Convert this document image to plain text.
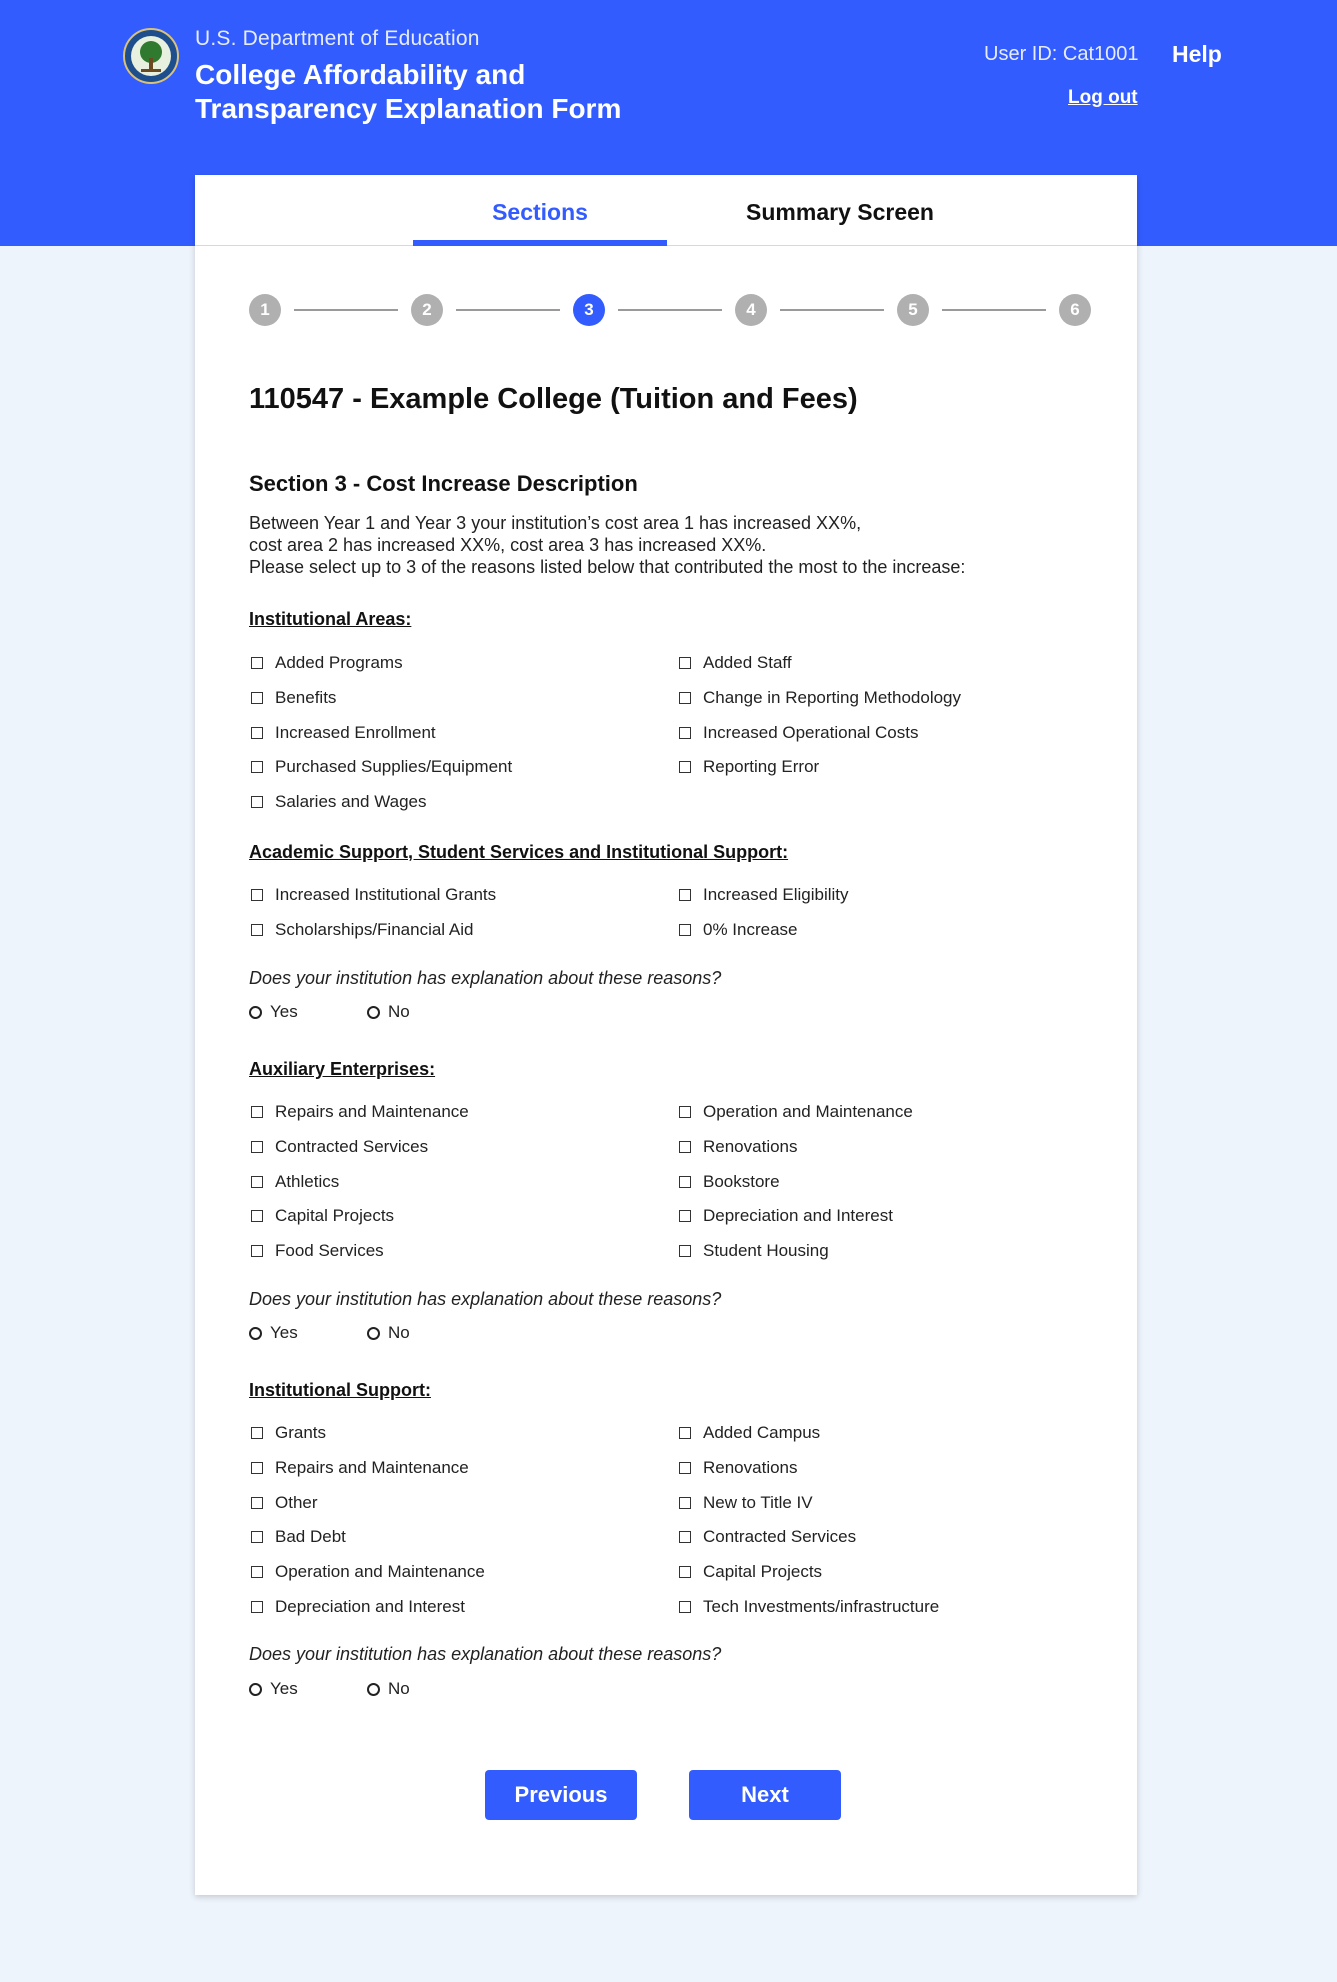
U.S. Department of Education
College Affordability and Transparency Explanation Form
User ID: Cat1001 Help
Log out
Sections	Summary Screen
1	2	3	4	5	6
110547 - Example College (Tuition and Fees)
Section 3 - Cost Increase Description
Between Year 1 and Year 3 your institution’s cost area 1 has increased XX%,
cost area 2 has increased XX%, cost area 3 has increased XX%.
Please select up to 3 of the reasons listed below that contributed the most to the increase:
Institutional Areas:
Added Programs
Benefits
Increased Enrollment
Purchased Supplies/Equipment
Salaries and Wages
Added Staff
Change in Reporting Methodology
Increased Operational Costs
Reporting Error
Academic Support, Student Services and Institutional Support:
Increased Institutional Grants
Scholarships/Financial Aid
Increased Eligibility
0% Increase
Does your institution has explanation about these reasons?
Yes	No
Auxiliary Enterprises:
Repairs and Maintenance
Contracted Services
Athletics
Capital Projects
Food Services
Operation and Maintenance
Renovations
Bookstore
Depreciation and Interest
Student Housing
Does your institution has explanation about these reasons?
Yes	No
Institutional Support:
Grants
Repairs and Maintenance
Other
Bad Debt
Operation and Maintenance
Depreciation and Interest
Added Campus
Renovations
New to Title IV
Contracted Services
Capital Projects
Tech Investments/infrastructure
Does your institution has explanation about these reasons?
Yes	No
Previous	Next
